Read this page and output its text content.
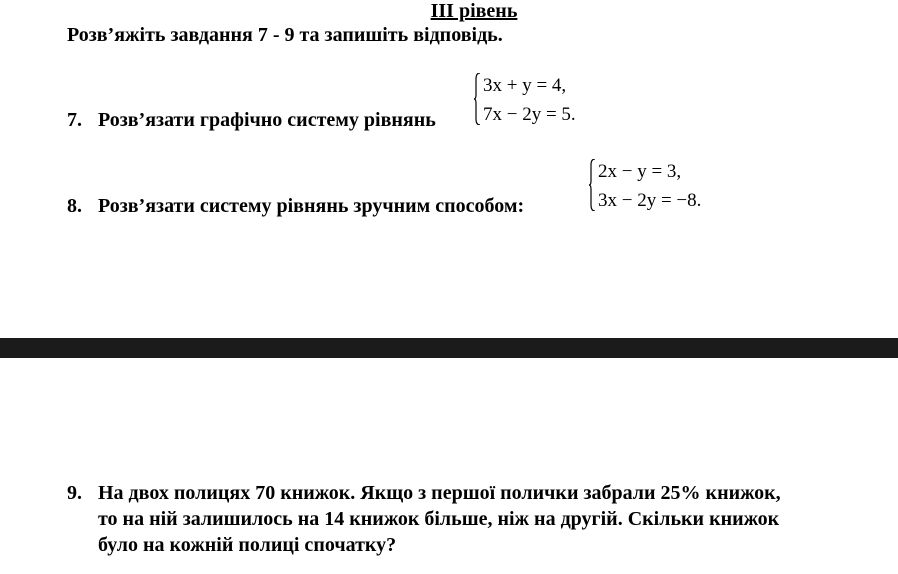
ІІІ рівень
Розв’яжіть завдання 7 - 9 та запишіть відповідь.
7. Розв’язати графічно систему рівнянь
3x + y = 4,
7x − 2y = 5.
8. Розв’язати систему рівнянь зручним способом:
2x − y = 3,
3x − 2y = −8.
9. На двох полицях 70 книжок. Якщо з першої полички забрали 25% книжок,
то на ній залишилось на 14 книжок більше, ніж на другій. Скільки книжок
було на кожній полиці спочатку?
